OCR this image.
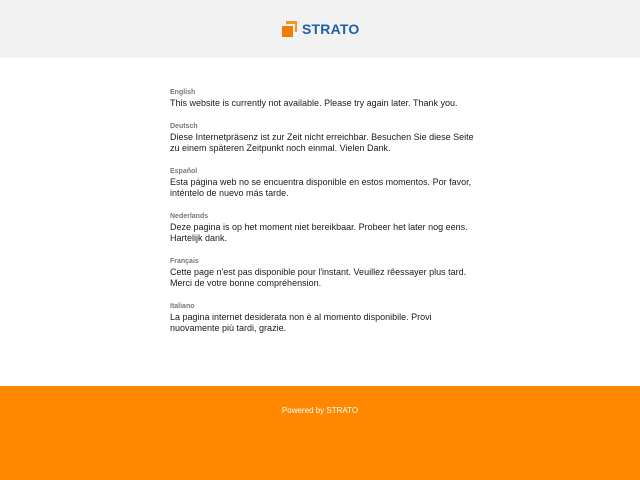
STRATO
English
This website is currently not available. Please try again later. Thank you.
Deutsch
Diese Internetpräsenz ist zur Zeit nicht erreichbar. Besuchen Sie diese Seite zu einem späteren Zeitpunkt noch einmal. Vielen Dank.
Español
Esta página web no se encuentra disponible en estos momentos. Por favor, inténtelo de nuevo más tarde.
Nederlands
Deze pagina is op het moment niet bereikbaar. Probeer het later nog eens. Hartelijk dank.
Français
Cette page n'est pas disponible pour l'instant. Veuillez rêessayer plus tard. Merci de votre bonne compréhension.
Italiano
La pagina internet desiderata non è al momento disponibile. Provi nuovamente più tardi, grazie.
Powered by STRATO
